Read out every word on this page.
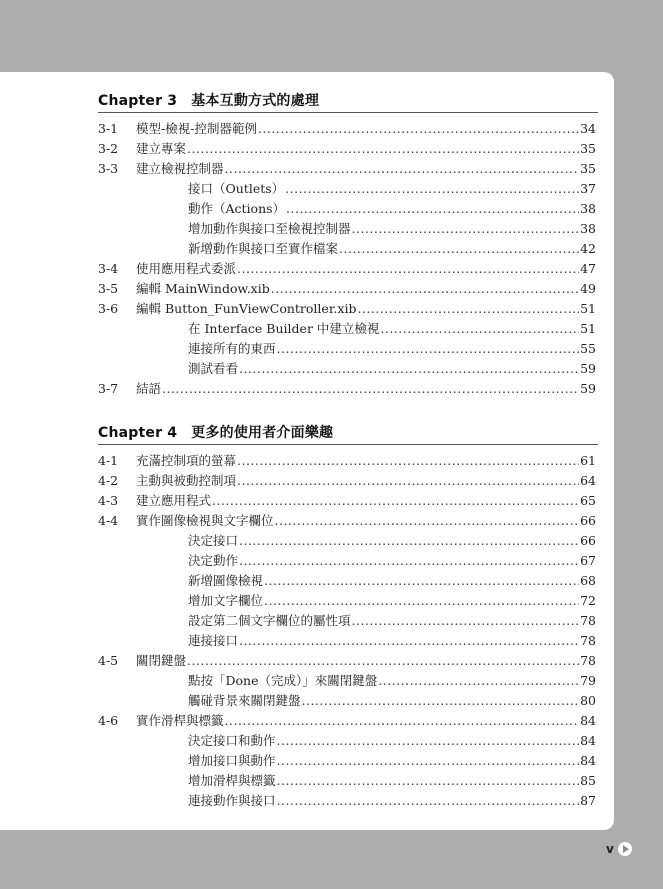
Chapter 3 基本互動方式的處理
3-1	模型-檢視-控制器範例 .....	34
3-2	建立專案 .....	35
3-3	建立檢視控制器 .....	35
接口（Outlets） .....	37
動作（Actions） .....	38
增加動作與接口至檢視控制器 .....	38
新增動作與接口至實作檔案 .....	42
3-4	使用應用程式委派 .....	47
3-5	編輯 MainWindow.xib .....	49
3-6	編輯 Button_FunViewController.xib .....	51
在 Interface Builder 中建立檢視 .....	51
連接所有的東西 .....	55
測試看看 .....	59
3-7	結語 .....	59
Chapter 4 更多的使用者介面樂趣
4-1	充滿控制項的螢幕 .....	61
4-2	主動與被動控制項 .....	64
4-3	建立應用程式 .....	65
4-4	實作圖像檢視與文字欄位 .....	66
決定接口 .....	66
決定動作 .....	67
新增圖像檢視 .....	68
增加文字欄位 .....	72
設定第二個文字欄位的屬性項 .....	78
連接接口 .....	78
4-5	關閉鍵盤 .....	78
點按「Done（完成）」來關閉鍵盤 .....	79
觸碰背景來關閉鍵盤 .....	80
4-6	實作滑桿與標籤 .....	84
決定接口和動作 .....	84
增加接口與動作 .....	84
增加滑桿與標籤 .....	85
連接動作與接口 .....	87
v
